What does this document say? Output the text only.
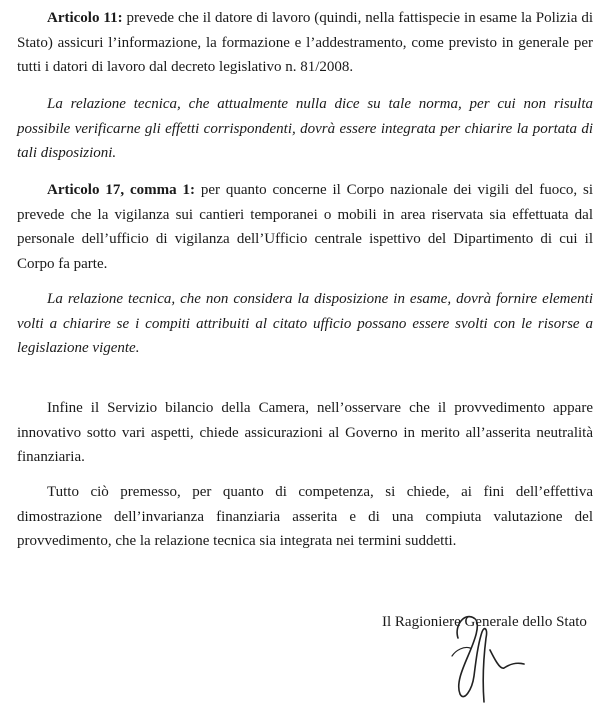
Articolo 11: prevede che il datore di lavoro (quindi, nella fattispecie in esame la Polizia di Stato) assicuri l’informazione, la formazione e l’addestramento, come previsto in generale per tutti i datori di lavoro dal decreto legislativo n. 81/2008.

La relazione tecnica, che attualmente nulla dice su tale norma, per cui non risulta possibile verificarne gli effetti corrispondenti, dovrà essere integrata per chiarire la portata di tali disposizioni.

Articolo 17, comma 1: per quanto concerne il Corpo nazionale dei vigili del fuoco, si prevede che la vigilanza sui cantieri temporanei o mobili in area riservata sia effettuata dal personale dell’ufficio di vigilanza dell’Ufficio centrale ispettivo del Dipartimento di cui il Corpo fa parte.

La relazione tecnica, che non considera la disposizione in esame, dovrà fornire elementi volti a chiarire se i compiti attribuiti al citato ufficio possano essere svolti con le risorse a legislazione vigente.

Infine il Servizio bilancio della Camera, nell’osservare che il provvedimento appare innovativo sotto vari aspetti, chiede assicurazioni al Governo in merito all’asserita neutralità finanziaria.

Tutto ciò premesso, per quanto di competenza, si chiede, ai fini dell’effettiva dimostrazione dell’invarianza finanziaria asserita e di una compiuta valutazione del provvedimento, che la relazione tecnica sia integrata nei termini suddetti.

Il Ragioniere Generale dello Stato
